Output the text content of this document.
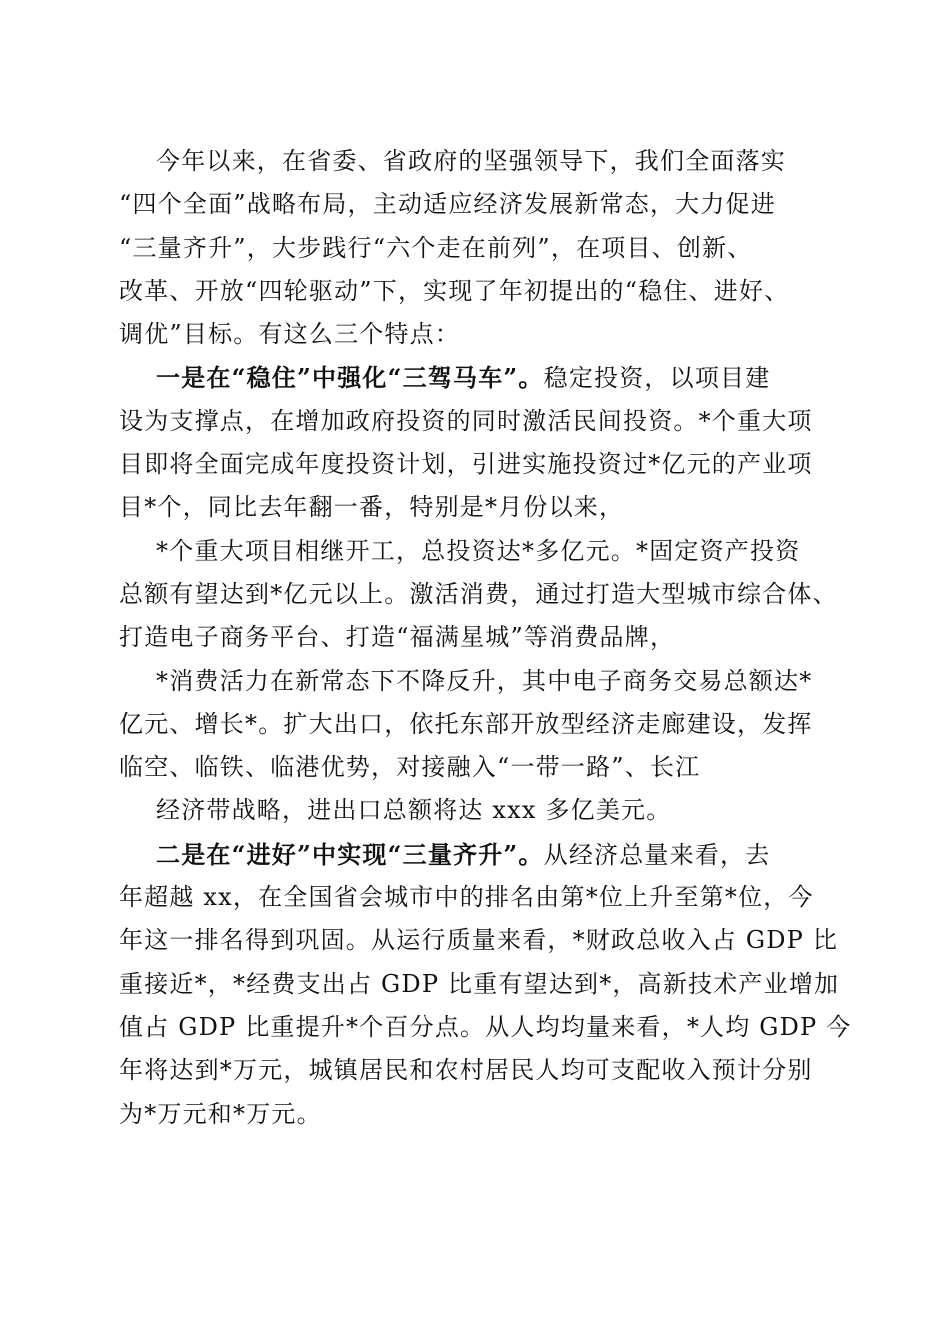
今年以来，在省委、省政府的坚强领导下，我们全面落实
“四个全面”战略布局，主动适应经济发展新常态，大力促进
“三量齐升”，大步践行“六个走在前列”，在项目、创新、
改革、开放“四轮驱动”下，实现了年初提出的“稳住、进好、
调优”目标。有这么三个特点：
一是在“稳住”中强化“三驾马车”。稳定投资，以项目建
设为支撑点，在增加政府投资的同时激活民间投资。*个重大项
目即将全面完成年度投资计划，引进实施投资过*亿元的产业项
目*个，同比去年翻一番，特别是*月份以来，
*个重大项目相继开工，总投资达*多亿元。*固定资产投资
总额有望达到*亿元以上。激活消费，通过打造大型城市综合体、
打造电子商务平台、打造“福满星城”等消费品牌，
*消费活力在新常态下不降反升，其中电子商务交易总额达*
亿元、增长*。扩大出口，依托东部开放型经济走廊建设，发挥
临空、临铁、临港优势，对接融入“一带一路”、长江
经济带战略，进出口总额将达 xxx 多亿美元。
二是在“进好”中实现“三量齐升”。从经济总量来看，去
年超越 xx，在全国省会城市中的排名由第*位上升至第*位，今
年这一排名得到巩固。从运行质量来看，*财政总收入占 GDP 比
重接近*，*经费支出占 GDP 比重有望达到*，高新技术产业增加
值占 GDP 比重提升*个百分点。从人均均量来看，*人均 GDP 今
年将达到*万元，城镇居民和农村居民人均可支配收入预计分别
为*万元和*万元。
